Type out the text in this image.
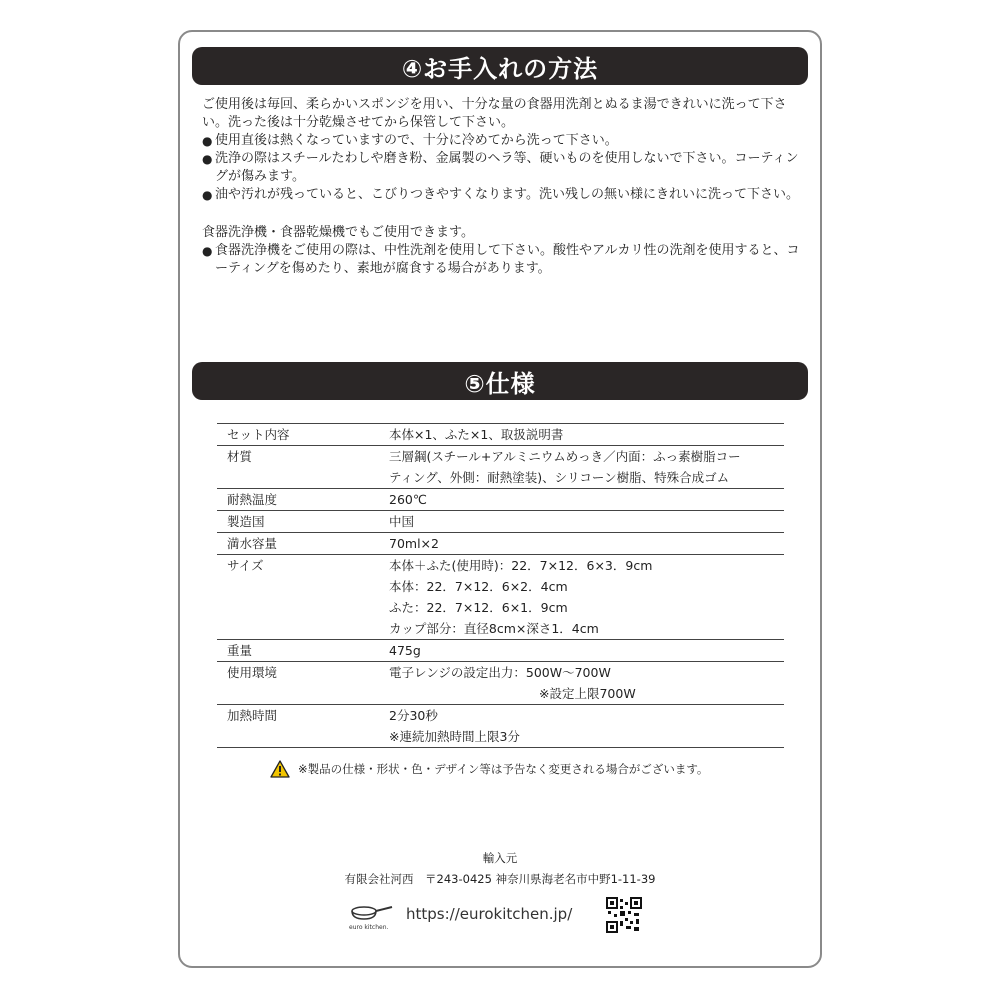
④お手入れの方法

ご使用後は毎回、柔らかいスポンジを用い、十分な量の食器用洗剤とぬるま湯できれいに洗って下さい。洗った後は十分乾燥させてから保管して下さい。

● 使用直後は熱くなっていますので、十分に冷めてから洗って下さい。
● 洗浄の際はスチールたわしや磨き粉、金属製のヘラ等、硬いものを使用しないで下さい。コーティングが傷みます。
● 油や汚れが残っていると、こびりつきやすくなります。洗い残しの無い様にきれいに洗って下さい。

食器洗浄機・食器乾燥機でもご使用できます。

● 食器洗浄機をご使用の際は、中性洗剤を使用して下さい。酸性やアルカリ性の洗剤を使用すると、コーティングを傷めたり、素地が腐食する場合があります。
⑤仕様
セット内容	本体×1、ふた×1、取扱説明書

材質	三層鋼(スチール+アルミニウムめっき／内面：ふっ素樹脂コー
ティング、外側：耐熱塗装)、シリコーン樹脂、特殊合成ゴム

耐熱温度	260℃

製造国	中国

満水容量	70ml×2

サイズ	本体＋ふた(使用時)：22．7×12．6×3．9cm
本体：22．7×12．6×2．4cm
ふた：22．7×12．6×1．9cm
カップ部分：直径8cm×深さ1．4cm

重量	475g

使用環境	電子レンジの設定出力：500W～700W
※設定上限700W

加熱時間	2分30秒
※連続加熱時間上限3分
※製品の仕様・形状・色・デザイン等は予告なく変更される場合がございます。
輸入元
有限会社河西　〒243-0425 神奈川県海老名市中野1-11-39
euro kitchen.
https://eurokitchen.jp/
